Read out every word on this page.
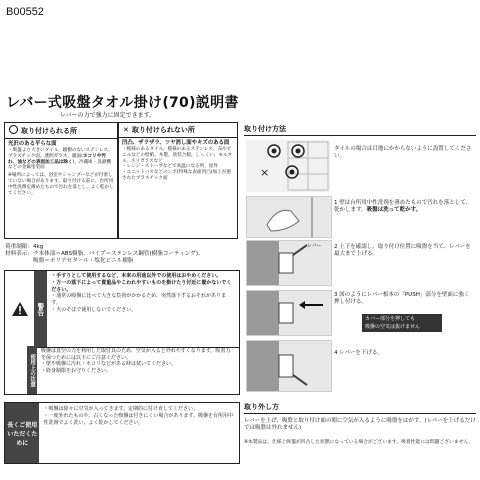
B00552
レバー式吸盤タオル掛け(70)説明書
レバーの力で強力に固定できます。
取り付けられる所
光沢のある平らな面
・吸盤より大きいタイル、鏡樹のないステンレス、プラスチック面、透明ガラス、鏡面(ホコリや汚れ、油などの表面加工品は除く)、冷蔵庫・洗濯機などの金属塗装面
※場所によっては、浴室やシャンプーなどが付着していない場合があります。取り付ける前に、台所用中性洗剤を薄めたもので汚れを落とし、よく乾かしてください。
✕ 取り付けられない所
凹凸、ザラザラ、ツヤ消し面やキズのある面
・模様のあるタイル、模様のあるステンレス、布やビニルなどの壁紙、木製、塗装合板、しっくい、モルタル、スリガラスなど
・レンジ・ストーブなどで高温になる所、屋外
・ユニットバスなどのシボ(特殊な表面凹凸)加工が施されたプラスチック面
荷重制限：4kg
材料表示：ラ本体部＝ABS樹脂、パイプ＝ステンレス鋼管(樹脂コーティング)、
吸盤＝ポリアセタール・塩化ビニル樹脂
警告
・手すりとして使用するなど、本来の用途以外での使用はおやめください。
・万一の落下によって貴重品やこわれやすいものを掛けたり付近に置かないでください。
・通常の吸盤に比べて大きな負荷がかかるため、突然落下するおそれがあります。
・火のそばで使用しないでください。
使用上の注意
吸盤は真空の力を利用した取付具のため、空気が入ると外れやすくなります。吸着力を保つためには以下にご注意ください。
・壁や吸盤に汚れ・ホコリなどがある時は拭いてください。
・終身制限をお守りください。
長くご使用いただくために
・吸盤は徐々に空気が入ってきます。定期的に付け直してください。
・一度外れたものや、古くなった吸盤は付きにくい場合があります。吸盤を台所用中性洗剤でよく洗い、よく乾かしてください。
取り付け方法
×
タイルの場合は目地にかからないように設置してください。
1 壁は台所用中性洗剤を薄めたもので汚れを落として、乾かします。吸盤は洗って乾かす。
レバー 2 上下を確認し、取り付け位置に吸盤を当て、レバーを最大まで上げる。
3 図のようにレバー根本の「PUSH」部分を壁面に強く押し付ける。
カバー部分を押しても
吸盤の空気は抜けません
4 レバーを下げる。
取り外し方
レバーを上げ、吸盤と取り付け面の間に空気が入るように吸盤をはがす。(レバーを上げるだけでは吸盤は外れません)
※本製品は、仕様上吸盤が凹凸した状態になっている場合がございます。吸着性能には問題ございません。
